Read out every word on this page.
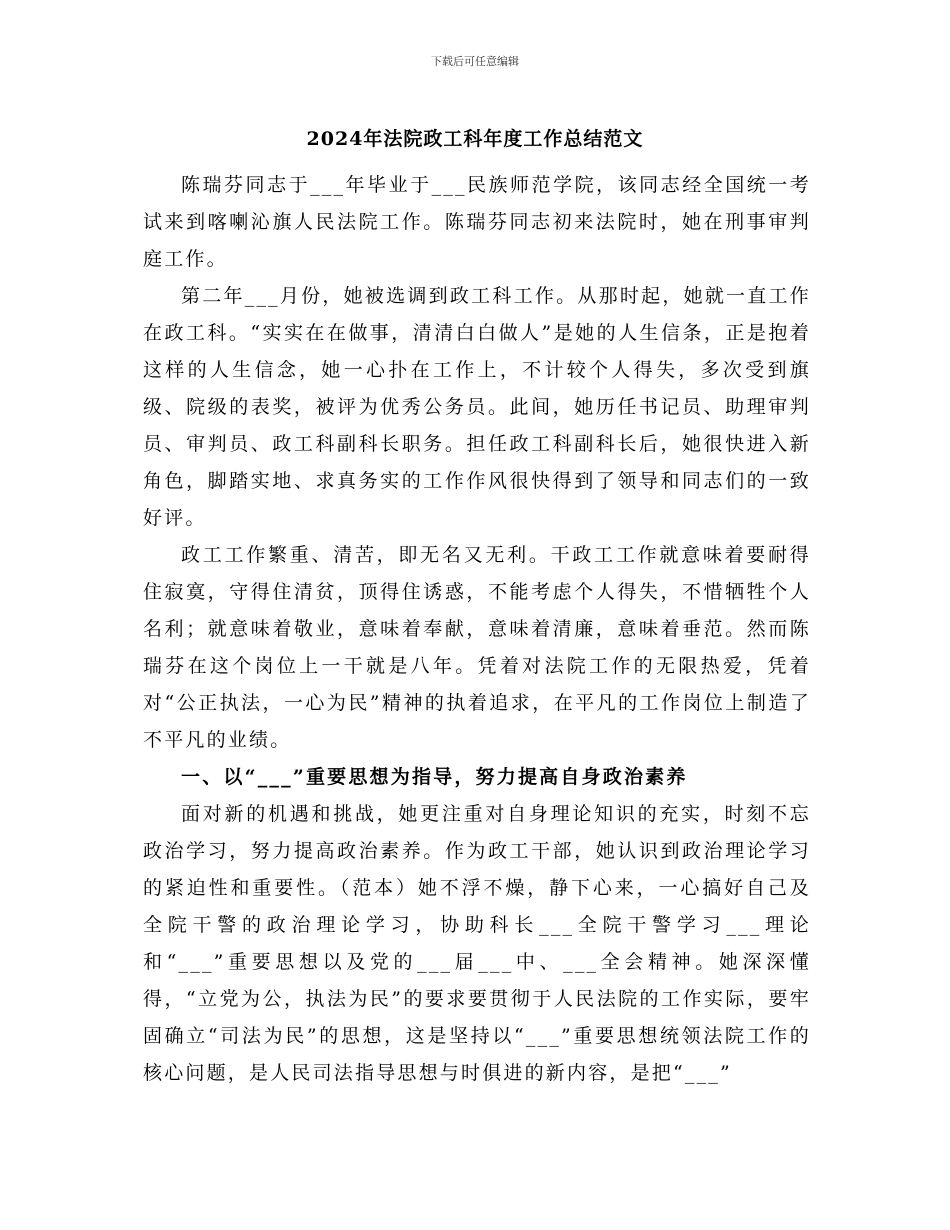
下载后可任意编辑
2024年法院政工科年度工作总结范文

陈瑞芬同志于___年毕业于___民族师范学院，该同志经全国统一考试来到喀喇沁旗人民法院工作。陈瑞芬同志初来法院时，她在刑事审判庭工作。

第二年___月份，她被选调到政工科工作。从那时起，她就一直工作在政工科。“实实在在做事，清清白白做人”是她的人生信条，正是抱着这样的人生信念，她一心扑在工作上，不计较个人得失，多次受到旗级、院级的表奖，被评为优秀公务员。此间，她历任书记员、助理审判员、审判员、政工科副科长职务。担任政工科副科长后，她很快进入新角色，脚踏实地、求真务实的工作作风很快得到了领导和同志们的一致好评。

政工工作繁重、清苦，即无名又无利。干政工工作就意味着要耐得住寂寞，守得住清贫，顶得住诱惑，不能考虑个人得失，不惜牺牲个人名利；就意味着敬业，意味着奉献，意味着清廉，意味着垂范。然而陈瑞芬在这个岗位上一干就是八年。凭着对法院工作的无限热爱，凭着对“公正执法，一心为民”精神的执着追求，在平凡的工作岗位上制造了不平凡的业绩。

一、以“___”重要思想为指导，努力提高自身政治素养

面对新的机遇和挑战，她更注重对自身理论知识的充实，时刻不忘政治学习，努力提高政治素养。作为政工干部，她认识到政治理论学习的紧迫性和重要性。（范本）她不浮不燥，静下心来，一心搞好自己及全院干警的政治理论学习，协助科长___全院干警学习___理论和“___”重要思想以及党的___届___中、___全会精神。她深深懂得，“立党为公，执法为民”的要求要贯彻于人民法院的工作实际，要牢固确立“司法为民”的思想，这是坚持以“___”重要思想统领法院工作的核心问题，是人民司法指导思想与时俱进的新内容，是把“___”
